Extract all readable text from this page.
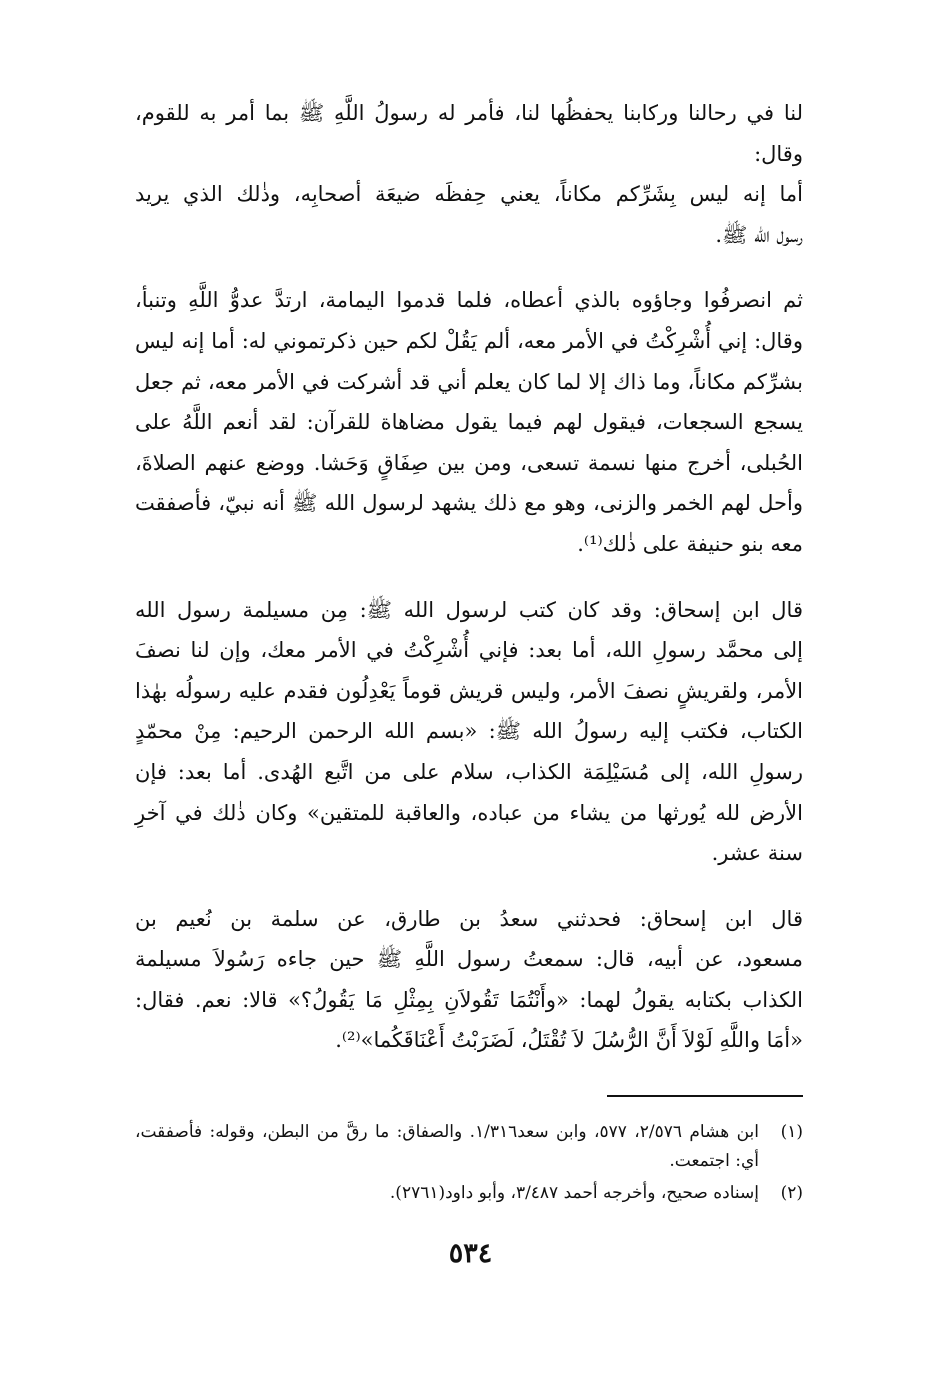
لنا في رحالنا وركابنا يحفظُها لنا، فأمر له رسولُ اللَّهِ ﷺ بما أمر به للقوم، وقال:
أما إنه ليس بِشَرِّكم مكاناً، يعني حِفظَه ضيعَة أصحابِه، وذٰلك الذي يريد
رسول الله ﷺ.

ثم انصرفُوا وجاؤوه بالذي أعطاه، فلما قدموا اليمامة، ارتدَّ عدوُّ اللَّهِ وتنبأ،
وقال: إني أُشْرِكْتُ في الأمر معه، ألم يَقُلْ لكم حين ذكرتموني له: أما إنه ليس
بشرِّكم مكاناً، وما ذاك إلا لما كان يعلم أني قد أشركت في الأمر معه، ثم جعل
يسجع السجعات، فيقول لهم فيما يقول مضاهاة للقرآن: لقد أنعم اللَّهُ على
الحُبلى، أخرج منها نسمة تسعى، ومن بين صِفَاقٍ وَحَشا. ووضع عنهم الصلاةَ،
وأحل لهم الخمر والزنى، وهو مع ذلك يشهد لرسول الله ﷺ أنه نبيّ، فأصفقت
معه بنو حنيفة على ذٰلك⁽¹⁾.

قال ابن إسحاق: وقد كان كتب لرسول الله ﷺ: مِن مسيلمة رسول الله
إلى محمَّد رسولِ الله، أما بعد: فإني أُشْرِكْتُ في الأمر معك، وإن لنا نصفَ
الأمر، ولقريشٍ نصفَ الأمر، وليس قريش قوماً يَعْدِلُون فقدم عليه رسولُه بهٰذا
الكتاب، فكتب إليه رسولُ الله ﷺ: «بسم الله الرحمن الرحيم: مِنْ محمّدٍ
رسولِ الله، إلى مُسَيْلِمَة الكذاب، سلام على من اتَّبع الهُدى. أما بعد: فإن
الأرض لله يُورثها من يشاء من عباده، والعاقبة للمتقين» وكان ذٰلك في آخرِ
سنة عشر.

قال ابن إسحاق: فحدثني سعدُ بن طارق، عن سلمة بن نُعيم بن
مسعود، عن أبيه، قال: سمعتُ رسول اللَّهِ ﷺ حين جاءه رَسُولاَ مسيلمة
الكذاب بكتابه يقولُ لهما: «وأَنْتُمَا تَقُولاَنِ بِمِثْلِ مَا يَقُولُ؟» قالا: نعم. فقال:
«أمَا واللَّهِ لَوْلاَ أَنَّ الرُّسُلَ لاَ تُقْتَلُ، لَضَرَبْتُ أَعْنَاقَكُما»⁽²⁾.

(١)
ابن هشام ٢/٥٧٦، ٥٧٧، وابن سعد١/٣١٦. والصفاق: ما رقَّ من البطن، وقوله: فأصفقت، أي: اجتمعت.
(٢)
إسناده صحيح، وأخرجه أحمد ٣/٤٨٧، وأبو داود(٢٧٦١).
٥٣٤
